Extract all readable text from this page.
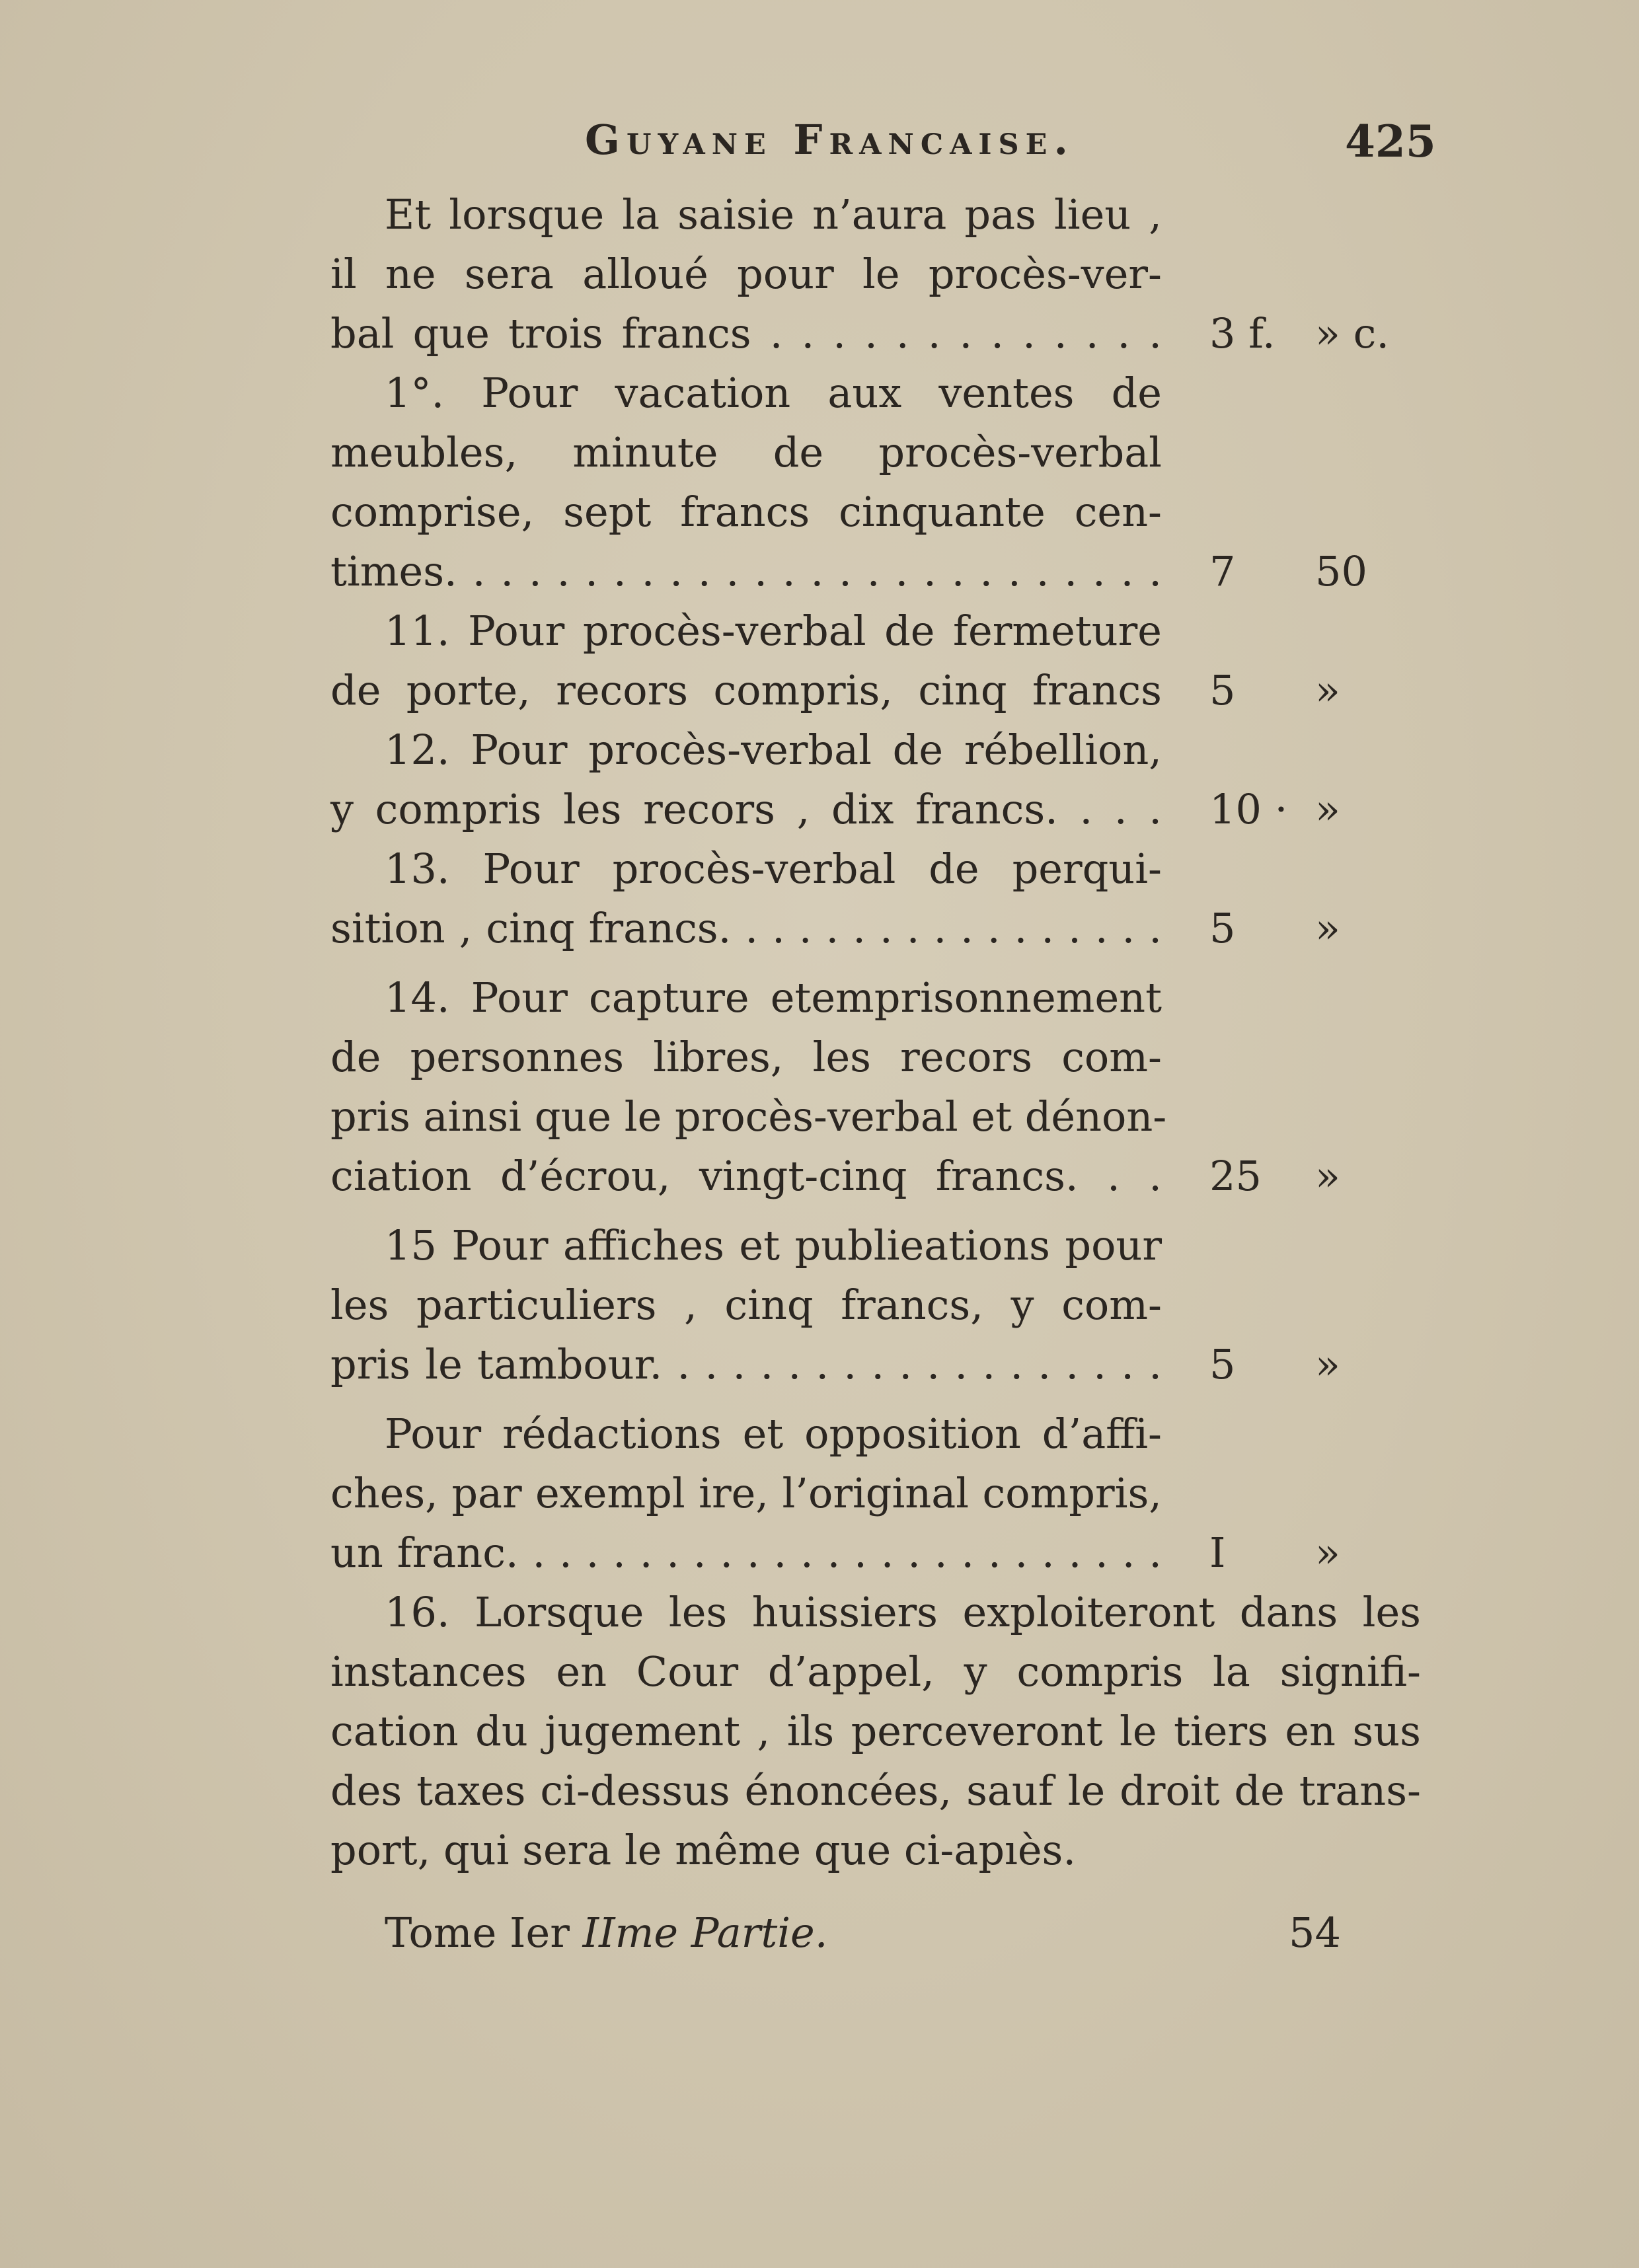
Guyane Francaise.	425
Et lorsque la saisie n’aura pas lieu ,
il ne sera alloué pour le procès-ver-
bal que trois francs . . . . . . . . . . . . . 3 f. » c.
1°. Pour vacation aux ventes de
meubles, minute de procès-verbal
comprise, sept francs cinquante cen-
times. . . . . . . . . . . . . . . . . . . . . . . . . . 7 50
11. Pour procès-verbal de fermeture
de porte, recors compris, cinq francs 5 »
12. Pour procès-verbal de rébellion,
y compris les recors , dix francs. . . . 10 · »
13. Pour procès-verbal de perqui-
sition , cinq francs. . . . . . . . . . . . . . . . . 5 »
14. Pour capture etemprisonnement
de personnes libres, les recors com-
pris ainsi que le procès-verbal et dénon-
ciation d’écrou, vingt-cinq francs. . . 25 »
15 Pour affiches et publieations pour
les particuliers , cinq francs, y com-
pris le tambour. . . . . . . . . . . . . . . . . . . 5 »
Pour rédactions et opposition d’affi-
ches, par exempl ire, l’original compris,
un franc. . . . . . . . . . . . . . . . . . . . . . . . . I »
16. Lorsque les huissiers exploiteront dans les
instances en Cour d’appel, y compris la signifi-
cation du jugement , ils perceveront le tiers en sus
des taxes ci-dessus énoncées, sauf le droit de trans-
port, qui sera le même que ci-apıès.
Tome Ier IIme Partie.	54
